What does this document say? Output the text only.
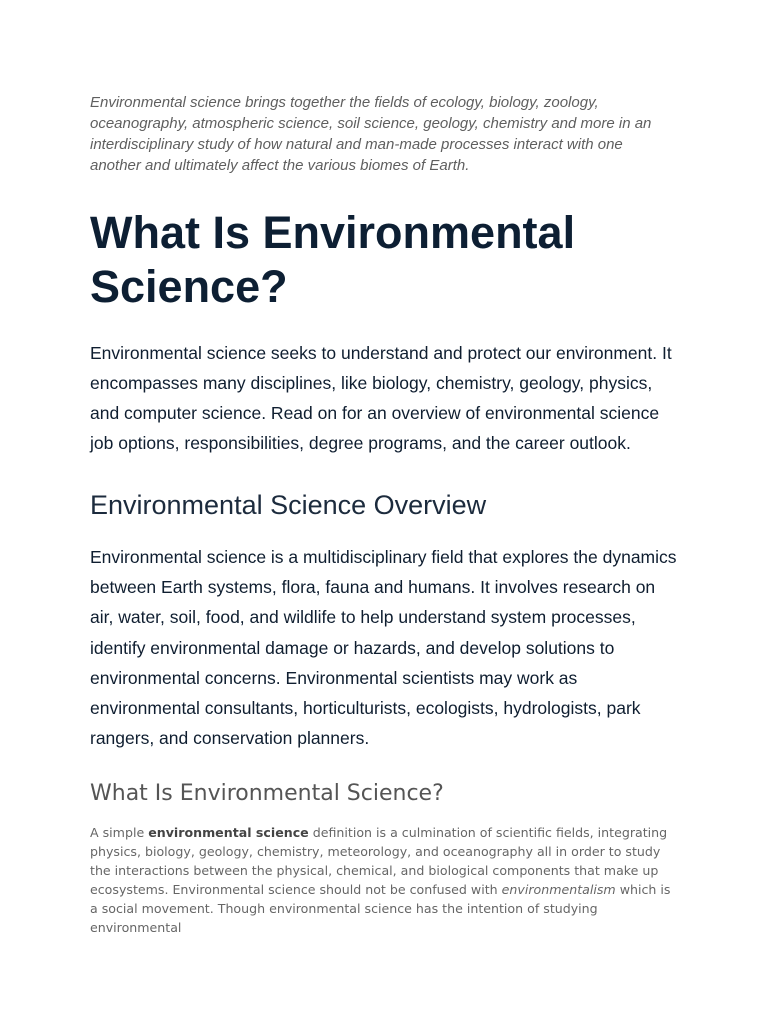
Environmental science brings together the fields of ecology, biology, zoology, oceanography, atmospheric science, soil science, geology, chemistry and more in an interdisciplinary study of how natural and man-made processes interact with one another and ultimately affect the various biomes of Earth.

What Is Environmental Science?

Environmental science seeks to understand and protect our environment. It encompasses many disciplines, like biology, chemistry, geology, physics, and computer science. Read on for an overview of environmental science job options, responsibilities, degree programs, and the career outlook.

Environmental Science Overview

Environmental science is a multidisciplinary field that explores the dynamics between Earth systems, flora, fauna and humans. It involves research on air, water, soil, food, and wildlife to help understand system processes, identify environmental damage or hazards, and develop solutions to environmental concerns. Environmental scientists may work as environmental consultants, horticulturists, ecologists, hydrologists, park rangers, and conservation planners.

What Is Environmental Science?

A simple environmental science definition is a culmination of scientific fields, integrating physics, biology, geology, chemistry, meteorology, and oceanography all in order to study the interactions between the physical, chemical, and biological components that make up ecosystems. Environmental science should not be confused with environmentalism which is a social movement. Though environmental science has the intention of studying environmental
